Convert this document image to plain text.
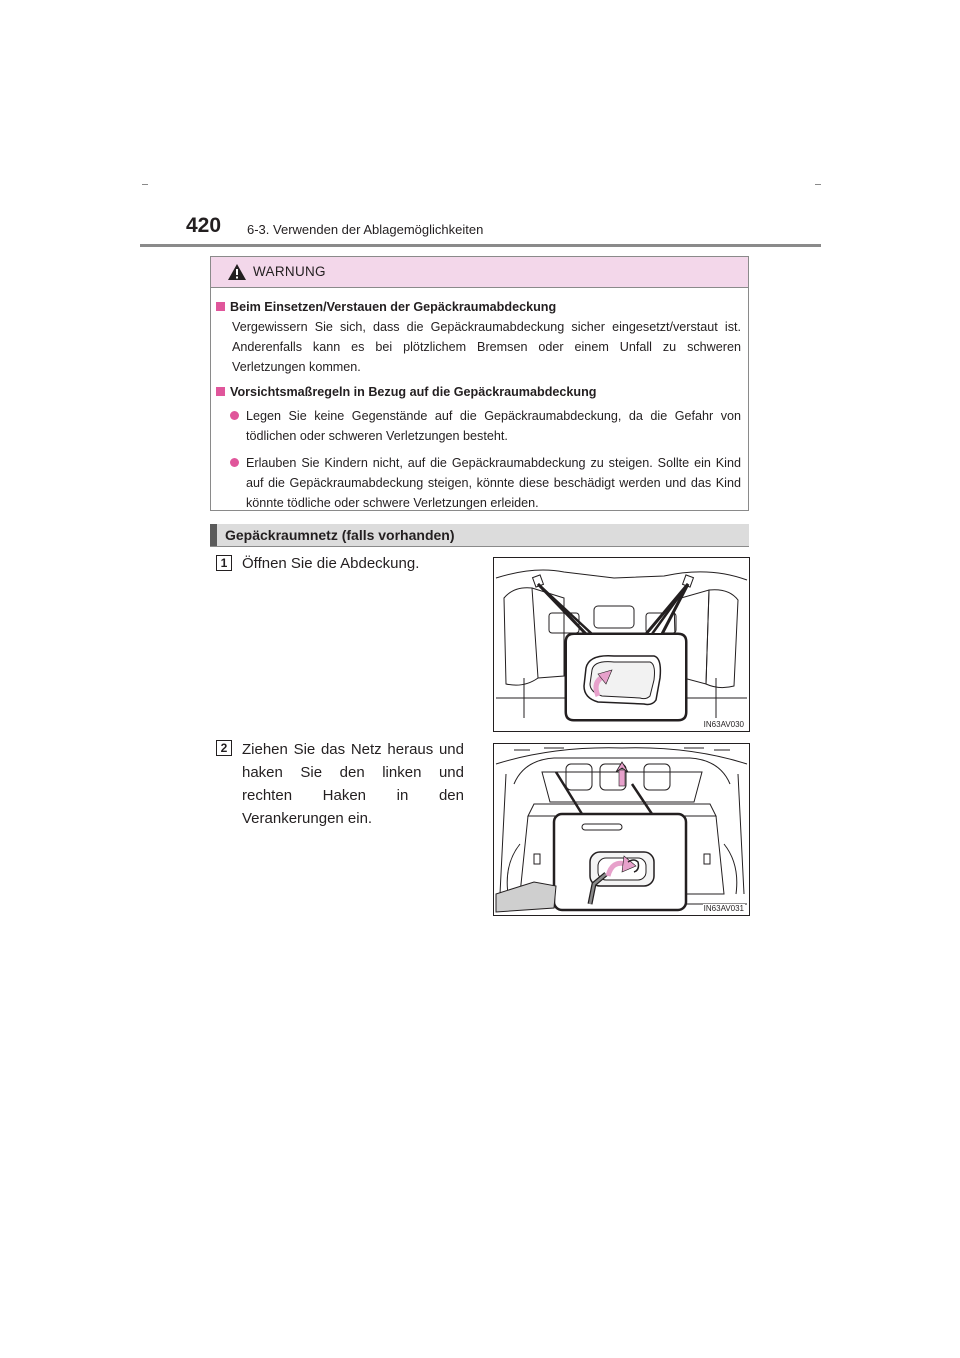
420 6-3. Verwenden der Ablagemöglichkeiten
WARNUNG
Beim Einsetzen/Verstauen der Gepäckraumabdeckung
Vergewissern Sie sich, dass die Gepäckraumabdeckung sicher eingesetzt/verstaut ist. Anderenfalls kann es bei plötzlichem Bremsen oder einem Unfall zu schweren Verletzungen kommen.
Vorsichtsmaßregeln in Bezug auf die Gepäckraumabdeckung
Legen Sie keine Gegenstände auf die Gepäckraumabdeckung, da die Gefahr von tödlichen oder schweren Verletzungen besteht.
Erlauben Sie Kindern nicht, auf die Gepäckraumabdeckung zu steigen. Sollte ein Kind auf die Gepäckraumabdeckung steigen, könnte diese beschädigt werden und das Kind könnte tödliche oder schwere Verletzungen erleiden.
Gepäckraumnetz (falls vorhanden)
1 Öffnen Sie die Abdeckung.
IN63AV030
2 Ziehen Sie das Netz heraus und haken Sie den linken und rechten Haken in den Verankerungen ein.
IN63AV031
